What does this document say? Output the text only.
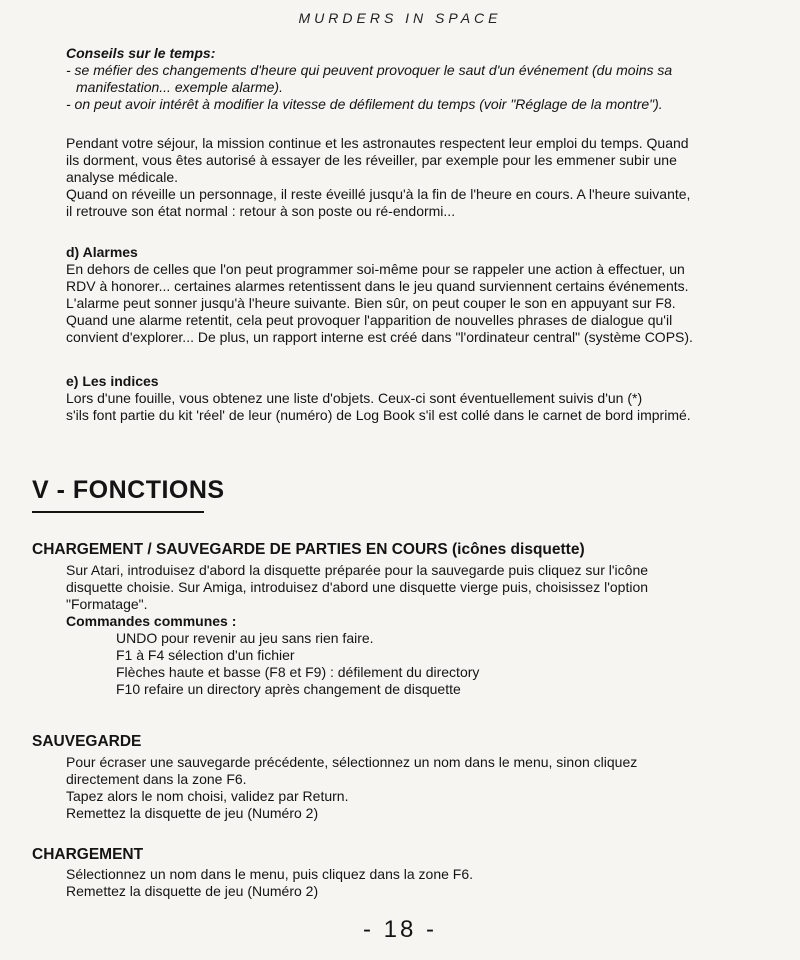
MURDERS IN SPACE
Conseils sur le temps:
- se méfier des changements d'heure qui peuvent provoquer le saut d'un événement (du moins sa
manifestation... exemple alarme).
- on peut avoir intérêt à modifier la vitesse de défilement du temps (voir "Réglage de la montre").
Pendant votre séjour, la mission continue et les astronautes respectent leur emploi du temps. Quand
ils dorment, vous êtes autorisé à essayer de les réveiller, par exemple pour les emmener subir une
analyse médicale.
Quand on réveille un personnage, il reste éveillé jusqu'à la fin de l'heure en cours. A l'heure suivante,
il retrouve son état normal : retour à son poste ou ré-endormi...
d) Alarmes
En dehors de celles que l'on peut programmer soi-même pour se rappeler une action à effectuer, un
RDV à honorer... certaines alarmes retentissent dans le jeu quand surviennent certains événements.
L'alarme peut sonner jusqu'à l'heure suivante. Bien sûr, on peut couper le son en appuyant sur F8.
Quand une alarme retentit, cela peut provoquer l'apparition de nouvelles phrases de dialogue qu'il
convient d'explorer... De plus, un rapport interne est créé dans "l'ordinateur central" (système COPS).
e) Les indices
Lors d'une fouille, vous obtenez une liste d'objets. Ceux-ci sont éventuellement suivis d'un (*)
s'ils font partie du kit 'réel' de leur (numéro) de Log Book s'il est collé dans le carnet de bord imprimé.
V - FONCTIONS
CHARGEMENT / SAUVEGARDE DE PARTIES EN COURS (icônes disquette)
Sur Atari, introduisez d'abord la disquette préparée pour la sauvegarde puis cliquez sur l'icône
disquette choisie. Sur Amiga, introduisez d'abord une disquette vierge puis, choisissez l'option
"Formatage".
Commandes communes :
UNDO pour revenir au jeu sans rien faire.
F1 à F4 sélection d'un fichier
Flèches haute et basse (F8 et F9) : défilement du directory
F10 refaire un directory après changement de disquette
SAUVEGARDE
Pour écraser une sauvegarde précédente, sélectionnez un nom dans le menu, sinon cliquez
directement dans la zone F6.
Tapez alors le nom choisi, validez par Return.
Remettez la disquette de jeu (Numéro 2)
CHARGEMENT
Sélectionnez un nom dans le menu, puis cliquez dans la zone F6.
Remettez la disquette de jeu (Numéro 2)
- 18 -
